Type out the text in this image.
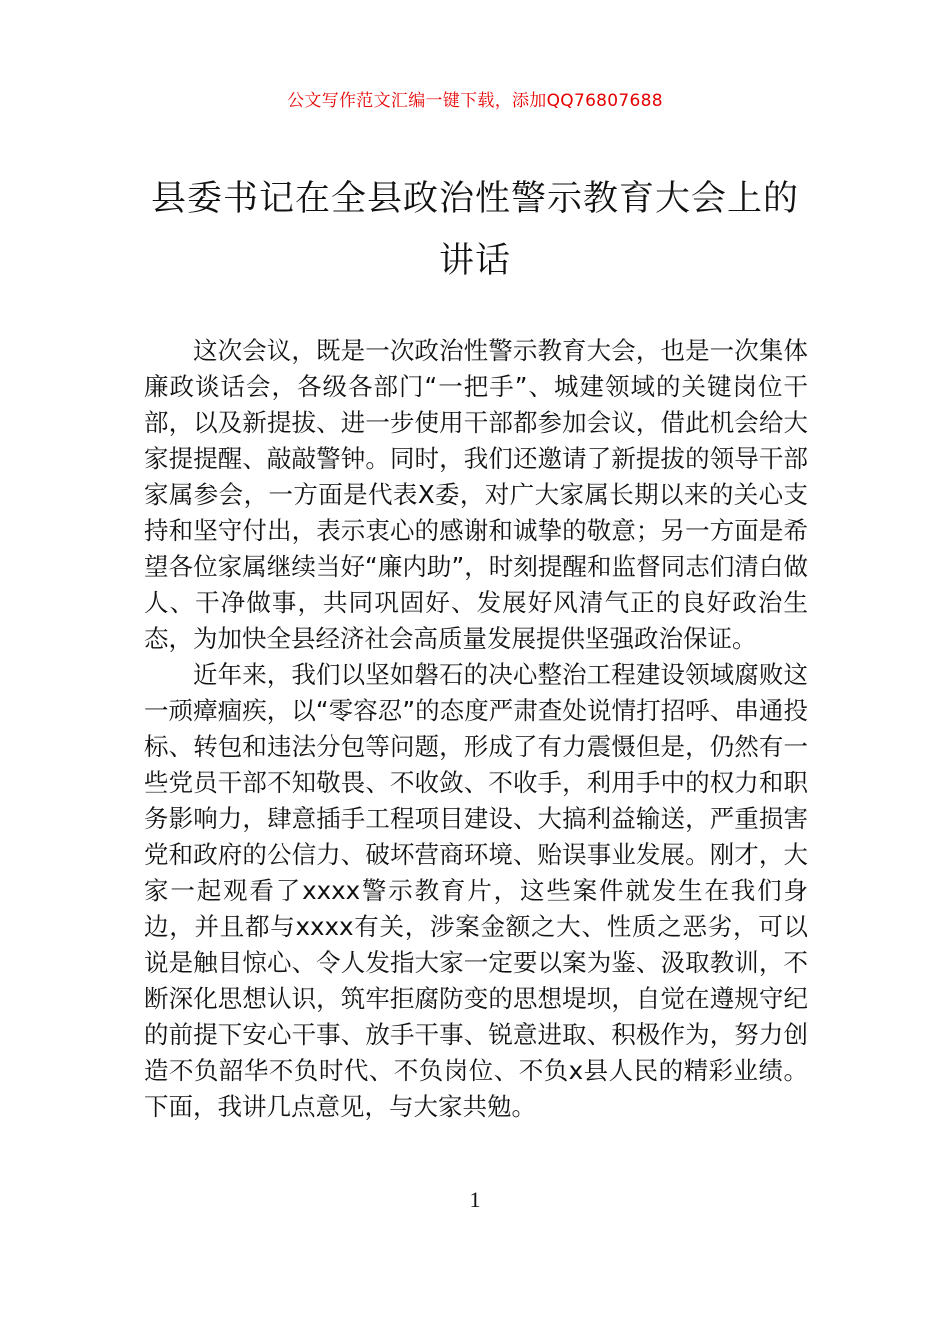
公文写作范文汇编一键下载，添加QQ76807688
县委书记在全县政治性警示教育大会上的
讲话

这次会议，既是一次政治性警示教育大会，也是一次集体廉政谈话会，各级各部门“一把手”、城建领域的关键岗位干部，以及新提拔、进一步使用干部都参加会议，借此机会给大家提提醒、敲敲警钟。同时，我们还邀请了新提拔的领导干部家属参会，一方面是代表X委，对广大家属长期以来的关心支持和坚守付出，表示衷心的感谢和诚挚的敬意；另一方面是希望各位家属继续当好“廉内助”，时刻提醒和监督同志们清白做人、干净做事，共同巩固好、发展好风清气正的良好政治生态，为加快全县经济社会高质量发展提供坚强政治保证。

近年来，我们以坚如磐石的决心整治工程建设领域腐败这一顽瘴痼疾，以“零容忍”的态度严肃查处说情打招呼、串通投标、转包和违法分包等问题，形成了有力震慑但是，仍然有一些党员干部不知敬畏、不收敛、不收手，利用手中的权力和职务影响力，肆意插手工程项目建设、大搞利益输送，严重损害党和政府的公信力、破坏营商环境、贻误事业发展。刚才，大家一起观看了xxxx警示教育片，这些案件就发生在我们身边，并且都与xxxx有关，涉案金额之大、性质之恶劣，可以说是触目惊心、令人发指大家一定要以案为鉴、汲取教训，不断深化思想认识，筑牢拒腐防变的思想堤坝，自觉在遵规守纪的前提下安心干事、放手干事、锐意进取、积极作为，努力创造不负韶华不负时代、不负岗位、不负x县人民的精彩业绩。下面，我讲几点意见，与大家共勉。

1
